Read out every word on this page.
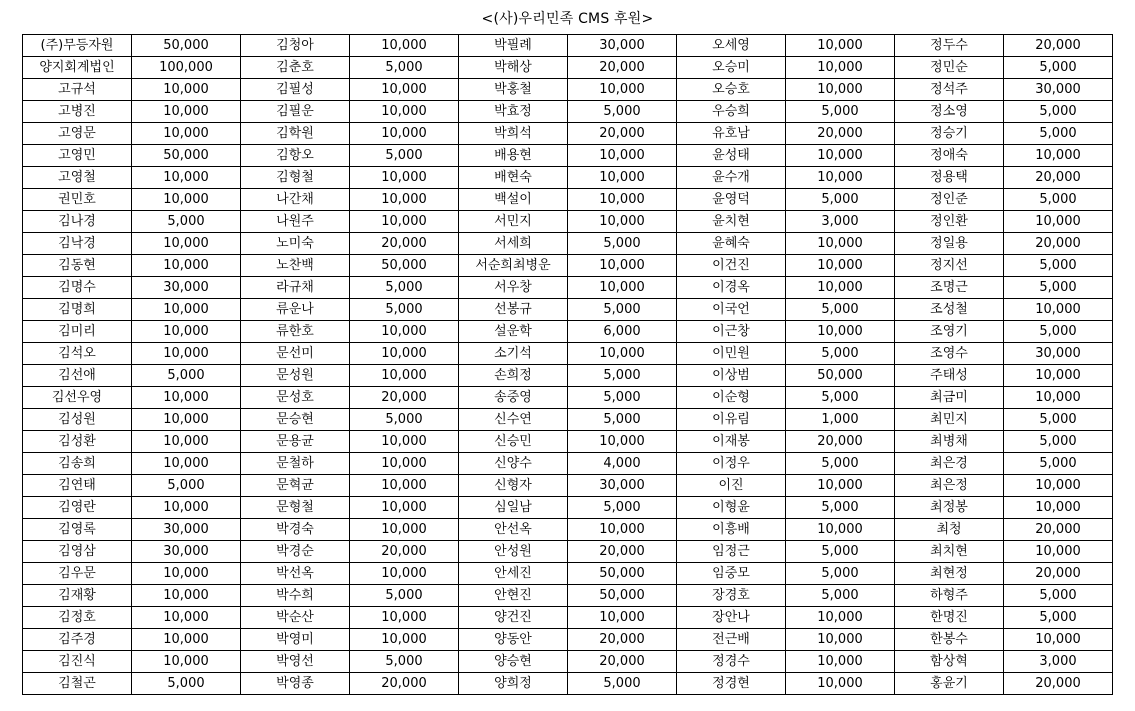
<(사)우리민족 CMS 후원>
(주)무등자원	50,000	김청아	10,000	박필례	30,000	오세영	10,000	정두수	20,000
양지회계법인	100,000	김춘호	5,000	박해상	20,000	오승미	10,000	정민순	5,000
고규석	10,000	김필성	10,000	박홍철	10,000	오승호	10,000	정석주	30,000
고병진	10,000	김필운	10,000	박효정	5,000	우승희	5,000	정소영	5,000
고영문	10,000	김학원	10,000	박희석	20,000	유호남	20,000	정승기	5,000
고영민	50,000	김항오	5,000	배용현	10,000	윤성태	10,000	정애숙	10,000
고영철	10,000	김형철	10,000	배현숙	10,000	윤수개	10,000	정용택	20,000
권민호	10,000	나간채	10,000	백설이	10,000	윤영덕	5,000	정인준	5,000
김나경	5,000	나원주	10,000	서민지	10,000	윤치현	3,000	정인환	10,000
김낙경	10,000	노미숙	20,000	서세희	5,000	윤혜숙	10,000	정일용	20,000
김동현	10,000	노찬백	50,000	서순희최병운	10,000	이건진	10,000	정지선	5,000
김명수	30,000	라규채	5,000	서우창	10,000	이경옥	10,000	조명근	5,000
김명희	10,000	류운나	5,000	선봉규	5,000	이국언	5,000	조성철	10,000
김미리	10,000	류한호	10,000	설운학	6,000	이근창	10,000	조영기	5,000
김석오	10,000	문선미	10,000	소기석	10,000	이민원	5,000	조영수	30,000
김선애	5,000	문성원	10,000	손희정	5,000	이상범	50,000	주태성	10,000
김선우영	10,000	문성호	20,000	송중영	5,000	이순형	5,000	최금미	10,000
김성원	10,000	문승현	5,000	신수연	5,000	이유림	1,000	최민지	5,000
김성환	10,000	문용균	10,000	신승민	10,000	이재봉	20,000	최병채	5,000
김송희	10,000	문철하	10,000	신양수	4,000	이정우	5,000	최은경	5,000
김연태	5,000	문혁균	10,000	신형자	30,000	이진	10,000	최은정	10,000
김영란	10,000	문형철	10,000	심일남	5,000	이형윤	5,000	최정봉	10,000
김영록	30,000	박경숙	10,000	안선옥	10,000	이흥배	10,000	최청	20,000
김영삼	30,000	박경순	20,000	안성원	20,000	임정근	5,000	최치현	10,000
김우문	10,000	박선옥	10,000	안세진	50,000	임중모	5,000	최현정	20,000
김재황	10,000	박수희	5,000	안현진	50,000	장경호	5,000	하형주	5,000
김정호	10,000	박순산	10,000	양건진	10,000	장안나	10,000	한명진	5,000
김주경	10,000	박영미	10,000	양동안	20,000	전근배	10,000	한봉수	10,000
김진식	10,000	박영선	5,000	양승현	20,000	정경수	10,000	함상혁	3,000
김철곤	5,000	박영종	20,000	양희정	5,000	정경현	10,000	홍윤기	20,000
